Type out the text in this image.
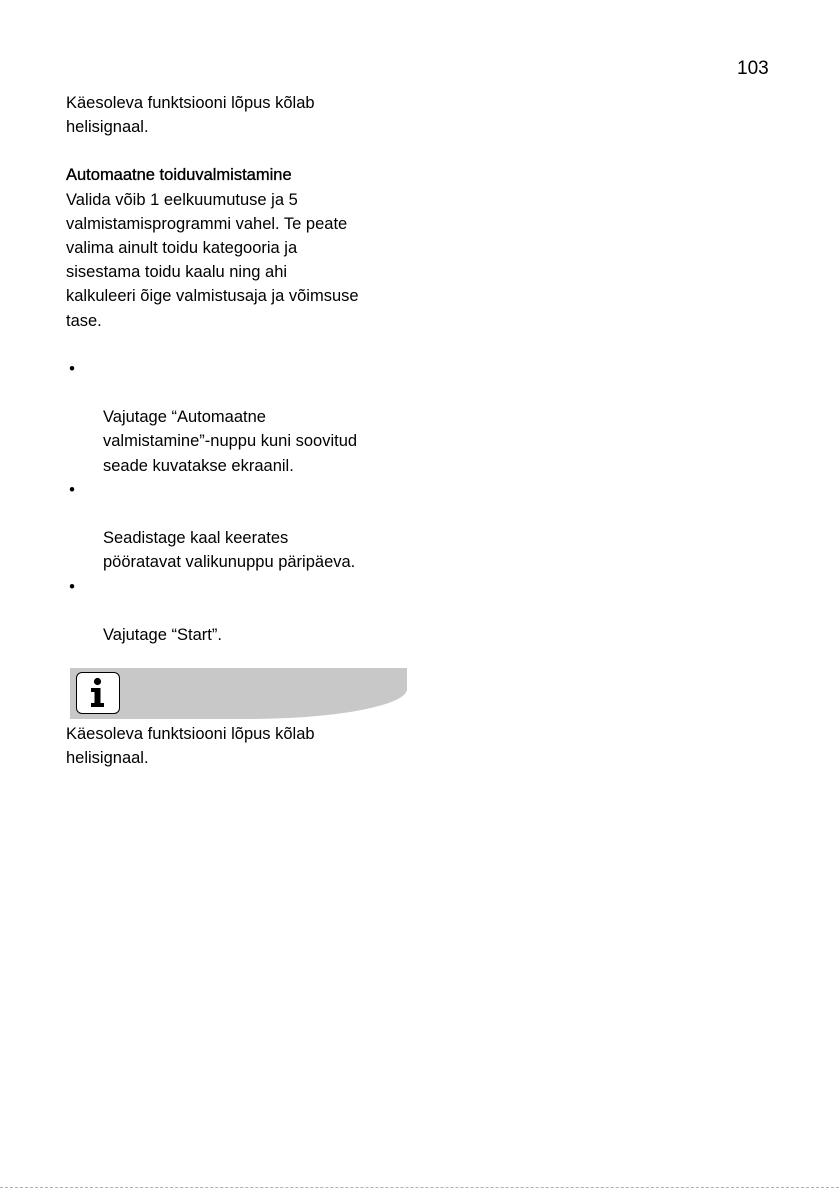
103

Käesoleva funktsiooni lõpus kõlab
helisignaal.

Automaatne toiduvalmistamine

Valida võib 1 eelkuumutuse ja 5
valmistamisprogrammi vahel. Te peate
valima ainult toidu kategooria ja
sisestama toidu kaalu ning ahi
kalkuleeri õige valmistusaja ja võimsuse
tase.

•

Vajutage “Automaatne
valmistamine”-nuppu kuni soovitud
seade kuvatakse ekraanil.

•

Seadistage kaal keerates
pööratavat valikunuppu päripäeva.

•

Vajutage “Start”.

Käesoleva funktsiooni lõpus kõlab
helisignaal.
